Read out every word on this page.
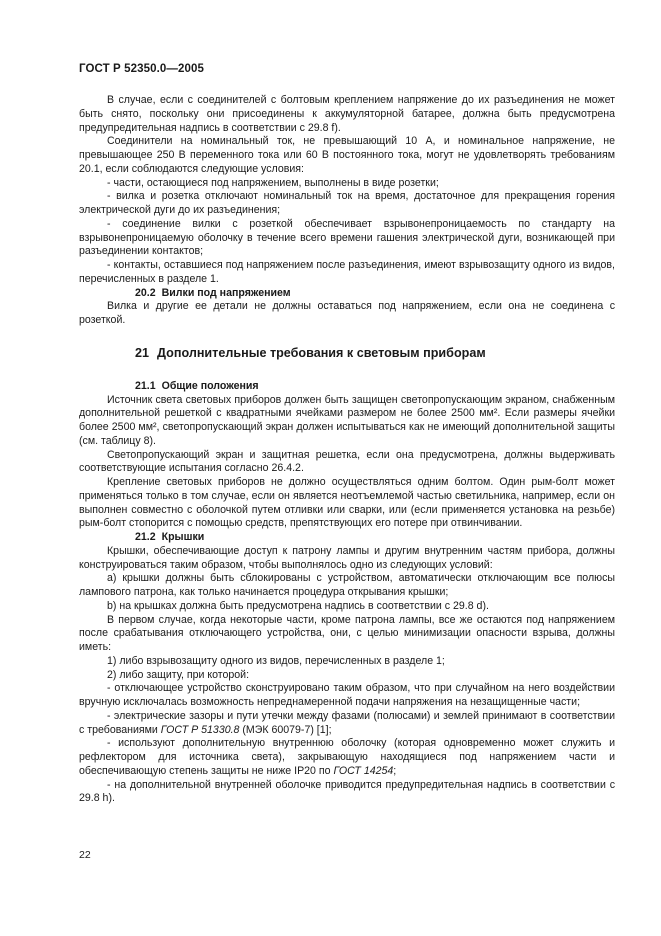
ГОСТ Р 52350.0—2005

В случае, если с соединителей с болтовым креплением напряжение до их разъединения не может быть снято, поскольку они присоединены к аккумуляторной батарее, должна быть предусмотрена предупредительная надпись в соответствии с 29.8 f).

Соединители на номинальный ток, не превышающий 10 А, и номинальное напряжение, не превышающее 250 В переменного тока или 60 В постоянного тока, могут не удовлетворять требованиям 20.1, если соблюдаются следующие условия:

- части, остающиеся под напряжением, выполнены в виде розетки;

- вилка и розетка отключают номинальный ток на время, достаточное для прекращения горения электрической дуги до их разъединения;

- соединение вилки с розеткой обеспечивает взрывонепроницаемость по стандарту на взрывонепроницаемую оболочку в течение всего времени гашения электрической дуги, возникающей при разъединении контактов;

- контакты, оставшиеся под напряжением после разъединения, имеют взрывозащиту одного из видов, перечисленных в разделе 1.

20.2 Вилки под напряжением

Вилка и другие ее детали не должны оставаться под напряжением, если она не соединена с розеткой.

21 Дополнительные требования к световым приборам
21.1 Общие положения

Источник света световых приборов должен быть защищен светопропускающим экраном, снабженным дополнительной решеткой с квадратными ячейками размером не более 2500 мм². Если размеры ячейки более 2500 мм², светопропускающий экран должен испытываться как не имеющий дополнительной защиты (см. таблицу 8).

Светопропускающий экран и защитная решетка, если она предусмотрена, должны выдерживать соответствующие испытания согласно 26.4.2.

Крепление световых приборов не должно осуществляться одним болтом. Один рым-болт может применяться только в том случае, если он является неотъемлемой частью светильника, например, если он выполнен совместно с оболочкой путем отливки или сварки, или (если применяется установка на резьбе) рым-болт стопорится с помощью средств, препятствующих его потере при отвинчивании.

21.2 Крышки

Крышки, обеспечивающие доступ к патрону лампы и другим внутренним частям прибора, должны конструироваться таким образом, чтобы выполнялось одно из следующих условий:

a) крышки должны быть сблокированы с устройством, автоматически отключающим все полюсы лампового патрона, как только начинается процедура открывания крышки;

b) на крышках должна быть предусмотрена надпись в соответствии с 29.8 d).

В первом случае, когда некоторые части, кроме патрона лампы, все же остаются под напряжением после срабатывания отключающего устройства, они, с целью минимизации опасности взрыва, должны иметь:

1) либо взрывозащиту одного из видов, перечисленных в разделе 1;

2) либо защиту, при которой:

- отключающее устройство сконструировано таким образом, что при случайном на него воздействии вручную исключалась возможность непреднамеренной подачи напряжения на незащищенные части;

- электрические зазоры и пути утечки между фазами (полюсами) и землей принимают в соответствии с требованиями ГОСТ Р 51330.8 (МЭК 60079-7) [1];

- используют дополнительную внутреннюю оболочку (которая одновременно может служить и рефлектором для источника света), закрывающую находящиеся под напряжением части и обеспечивающую степень защиты не ниже IP20 по ГОСТ 14254;

- на дополнительной внутренней оболочке приводится предупредительная надпись в соответствии с 29.8 h).

22
